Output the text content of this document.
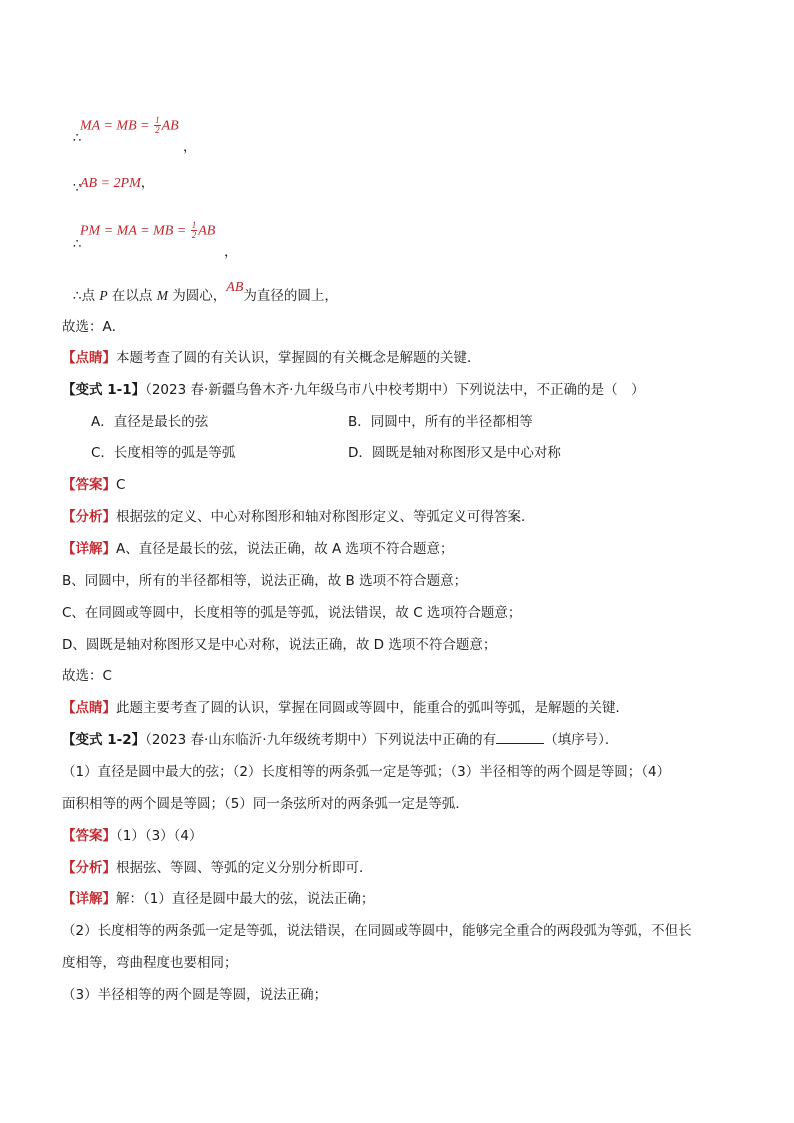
MA = MB = $\frac{1}{2}$ AB
，
∴
AB = 2PM，
∵
PM = MA = MB = $\frac{1}{2}$ AB
，
∴
∴点 P 在以点 M 为圆心，AB为直径的圆上，
故选：A．
【点睛】本题考查了圆的有关认识，掌握圆的有关概念是解题的关键．
【变式 1-1】（2023 春·新疆乌鲁木齐·九年级乌市八中校考期中）下列说法中，不正确的是（　）
A．直径是最长的弦	B．同圆中，所有的半径都相等
C．长度相等的弧是等弧	D．圆既是轴对称图形又是中心对称
【答案】C
【分析】根据弦的定义、中心对称图形和轴对称图形定义、等弧定义可得答案．
【详解】A、直径是最长的弦，说法正确，故 A 选项不符合题意；
B、同圆中，所有的半径都相等，说法正确，故 B 选项不符合题意；
C、在同圆或等圆中，长度相等的弧是等弧，说法错误，故 C 选项符合题意；
D、圆既是轴对称图形又是中心对称，说法正确，故 D 选项不符合题意；
故选：C
【点睛】此题主要考查了圆的认识，掌握在同圆或等圆中，能重合的弧叫等弧，是解题的关键．
【变式 1-2】（2023 春·山东临沂·九年级统考期中）下列说法中正确的有	（填序号）．
（1）直径是圆中最大的弦；（2）长度相等的两条弧一定是等弧；（3）半径相等的两个圆是等圆；（4）
面积相等的两个圆是等圆；（5）同一条弦所对的两条弧一定是等弧．
【答案】（1）（3）（4）
【分析】根据弦、等圆、等弧的定义分别分析即可．
【详解】解：（1）直径是圆中最大的弦，说法正确；
（2）长度相等的两条弧一定是等弧，说法错误，在同圆或等圆中，能够完全重合的两段弧为等弧，不但长
度相等，弯曲程度也要相同；
（3）半径相等的两个圆是等圆，说法正确；
